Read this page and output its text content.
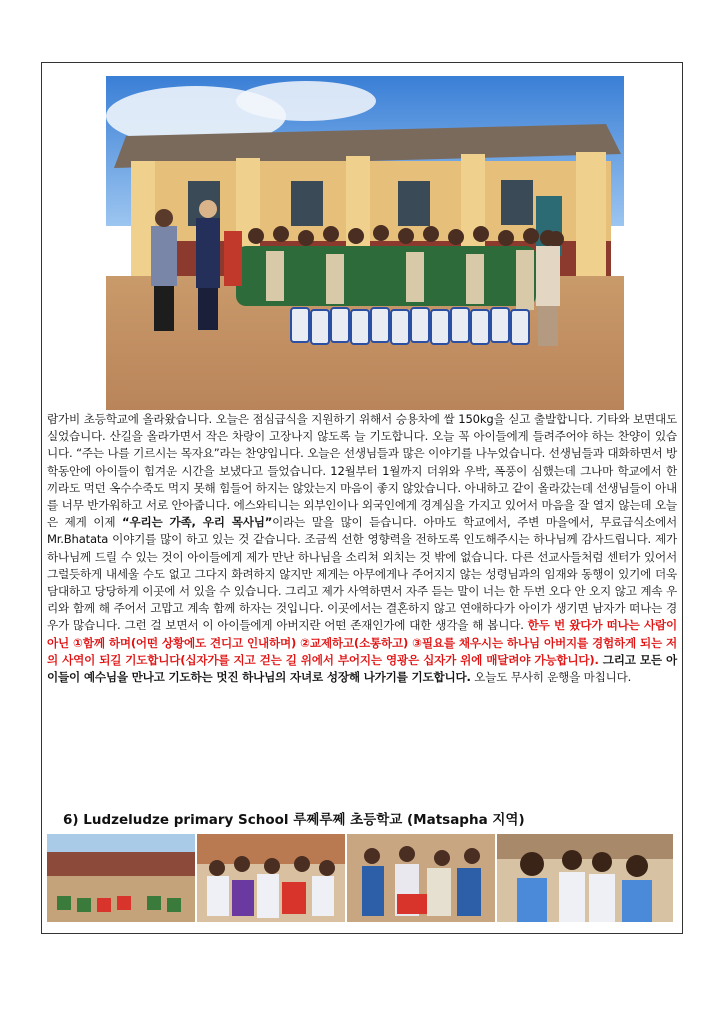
람가비 초등학교에 올라왔습니다. 오늘은 점심급식을 지원하기 위해서 승용차에 쌀 150kg을 싣고 출발합니다. 기타와 보면대도 실었습니다. 산길을 올라가면서 작은 차랑이 고장나지 않도록 늘 기도합니다. 오늘 꼭 아이들에게 들려주어야 하는 찬양이 있습니다. “주는 나를 기르시는 목자요”라는 찬양입니다. 오늘은 선생님들과 많은 이야기를 나누었습니다. 선생님들과 대화하면서 방학동안에 아이들이 힘겨운 시간을 보냈다고 들었습니다. 12월부터 1월까지 더위와 우박, 폭풍이 심했는데 그나마 학교에서 한 끼라도 먹던 옥수수죽도 먹지 못해 힘들어 하지는 않았는지 마음이 좋지 않았습니다. 아내하고 같이 올라갔는데 선생님들이 아내를 너무 반가워하고 서로 안아줍니다. 에스와티니는 외부인이나 외국인에게 경계심을 가지고 있어서 마음을 잘 열지 않는데 오늘은 제게 이제 “우리는 가족, 우리 목사님”이라는 말을 많이 듣습니다. 아마도 학교에서, 주변 마을에서, 무료급식소에서 Mr.Bhatata 이야기를 많이 하고 있는 것 같습니다. 조금씩 선한 영향력을 전하도록 인도해주시는 하나님께 감사드립니다. 제가 하나님께 드릴 수 있는 것이 아이들에게 제가 만난 하나님을 소리쳐 외치는 것 밖에 없습니다. 다른 선교사들처럼 센터가 있어서 그럴듯하게 내세울 수도 없고 그다지 화려하지 않지만 제게는 아무에게나 주어지지 않는 성령님과의 임재와 동행이 있기에 더욱 담대하고 당당하게 이곳에 서 있을 수 있습니다. 그리고 제가 사역하면서 자주 듣는 말이 너는 한 두번 오다 안 오지 않고 계속 우리와 함께 해 주어서 고맙고 계속 함께 하자는 것입니다. 이곳에서는 결혼하지 않고 연애하다가 아이가 생기면 남자가 떠나는 경우가 많습니다. 그런 걸 보면서 이 아이들에게 아버지란 어떤 존재인가에 대한 생각을 해 봅니다. 한두 번 왔다가 떠나는 사람이 아닌 ①함께 하며(어떤 상황에도 견디고 인내하며) ②교제하고(소통하고) ③필요를 채우시는 하나님 아버지를 경험하게 되는 저의 사역이 되길 기도합니다(십자가를 지고 걷는 길 위에서 부어지는 영광은 십자가 위에 매달려야 가능합니다). 그리고 모든 아이들이 예수님을 만나고 기도하는 멋진 하나님의 자녀로 성장해 나가기를 기도합니다. 오늘도 무사히 운행을 마칩니다.
6) Ludzeludze primary School 루쩨루쩨 초등학교 (Matsapha 지역)
